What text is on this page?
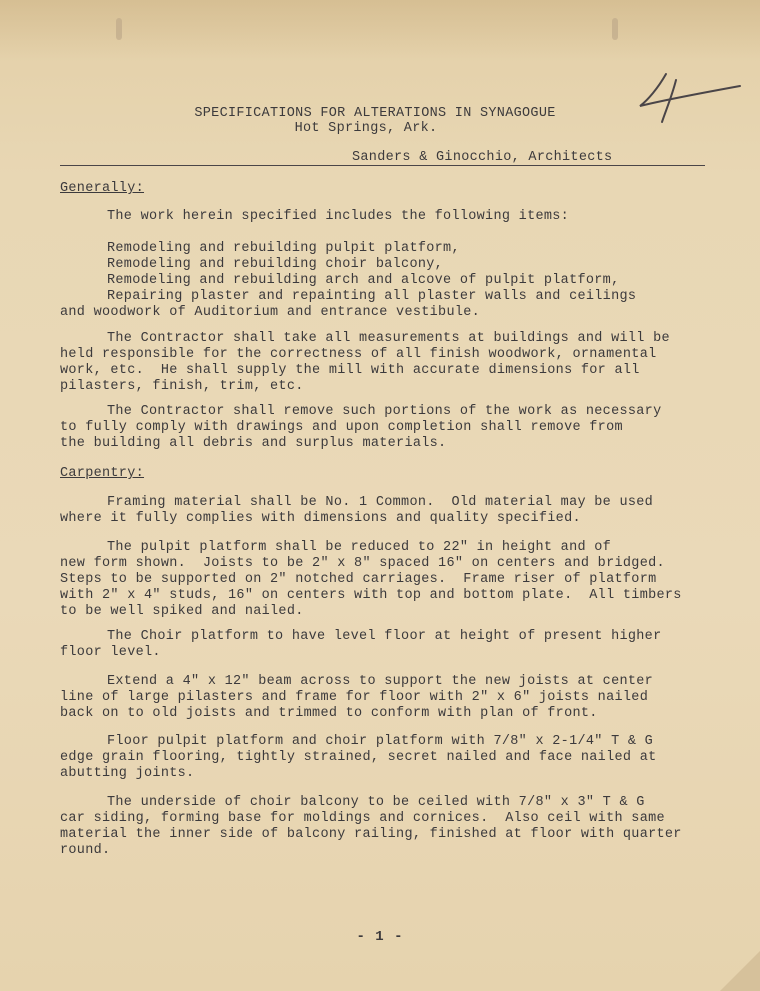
SPECIFICATIONS FOR ALTERATIONS IN SYNAGOGUE
Hot Springs, Ark.
Sanders & Ginocchio, Architects
Generally:

The work herein specified includes the following items:

Remodeling and rebuilding pulpit platform,
Remodeling and rebuilding choir balcony,
Remodeling and rebuilding arch and alcove of pulpit platform,
Repairing plaster and repainting all plaster walls and ceilings
and woodwork of Auditorium and entrance vestibule.
The Contractor shall take all measurements at buildings and will be
held responsible for the correctness of all finish woodwork, ornamental
work, etc.  He shall supply the mill with accurate dimensions for all
pilasters, finish, trim, etc.
The Contractor shall remove such portions of the work as necessary
to fully comply with drawings and upon completion shall remove from
the building all debris and surplus materials.
Carpentry:
Framing material shall be No. 1 Common.  Old material may be used
where it fully complies with dimensions and quality specified.
The pulpit platform shall be reduced to 22" in height and of
new form shown.  Joists to be 2" x 8" spaced 16" on centers and bridged.
Steps to be supported on 2" notched carriages.  Frame riser of platform
with 2" x 4" studs, 16" on centers with top and bottom plate.  All timbers
to be well spiked and nailed.
The Choir platform to have level floor at height of present higher
floor level.
Extend a 4" x 12" beam across to support the new joists at center
line of large pilasters and frame for floor with 2" x 6" joists nailed
back on to old joists and trimmed to conform with plan of front.
Floor pulpit platform and choir platform with 7/8" x 2-1/4" T & G
edge grain flooring, tightly strained, secret nailed and face nailed at
abutting joints.
The underside of choir balcony to be ceiled with 7/8" x 3" T & G
car siding, forming base for moldings and cornices.  Also ceil with same
material the inner side of balcony railing, finished at floor with quarter
round.
- 1 -
